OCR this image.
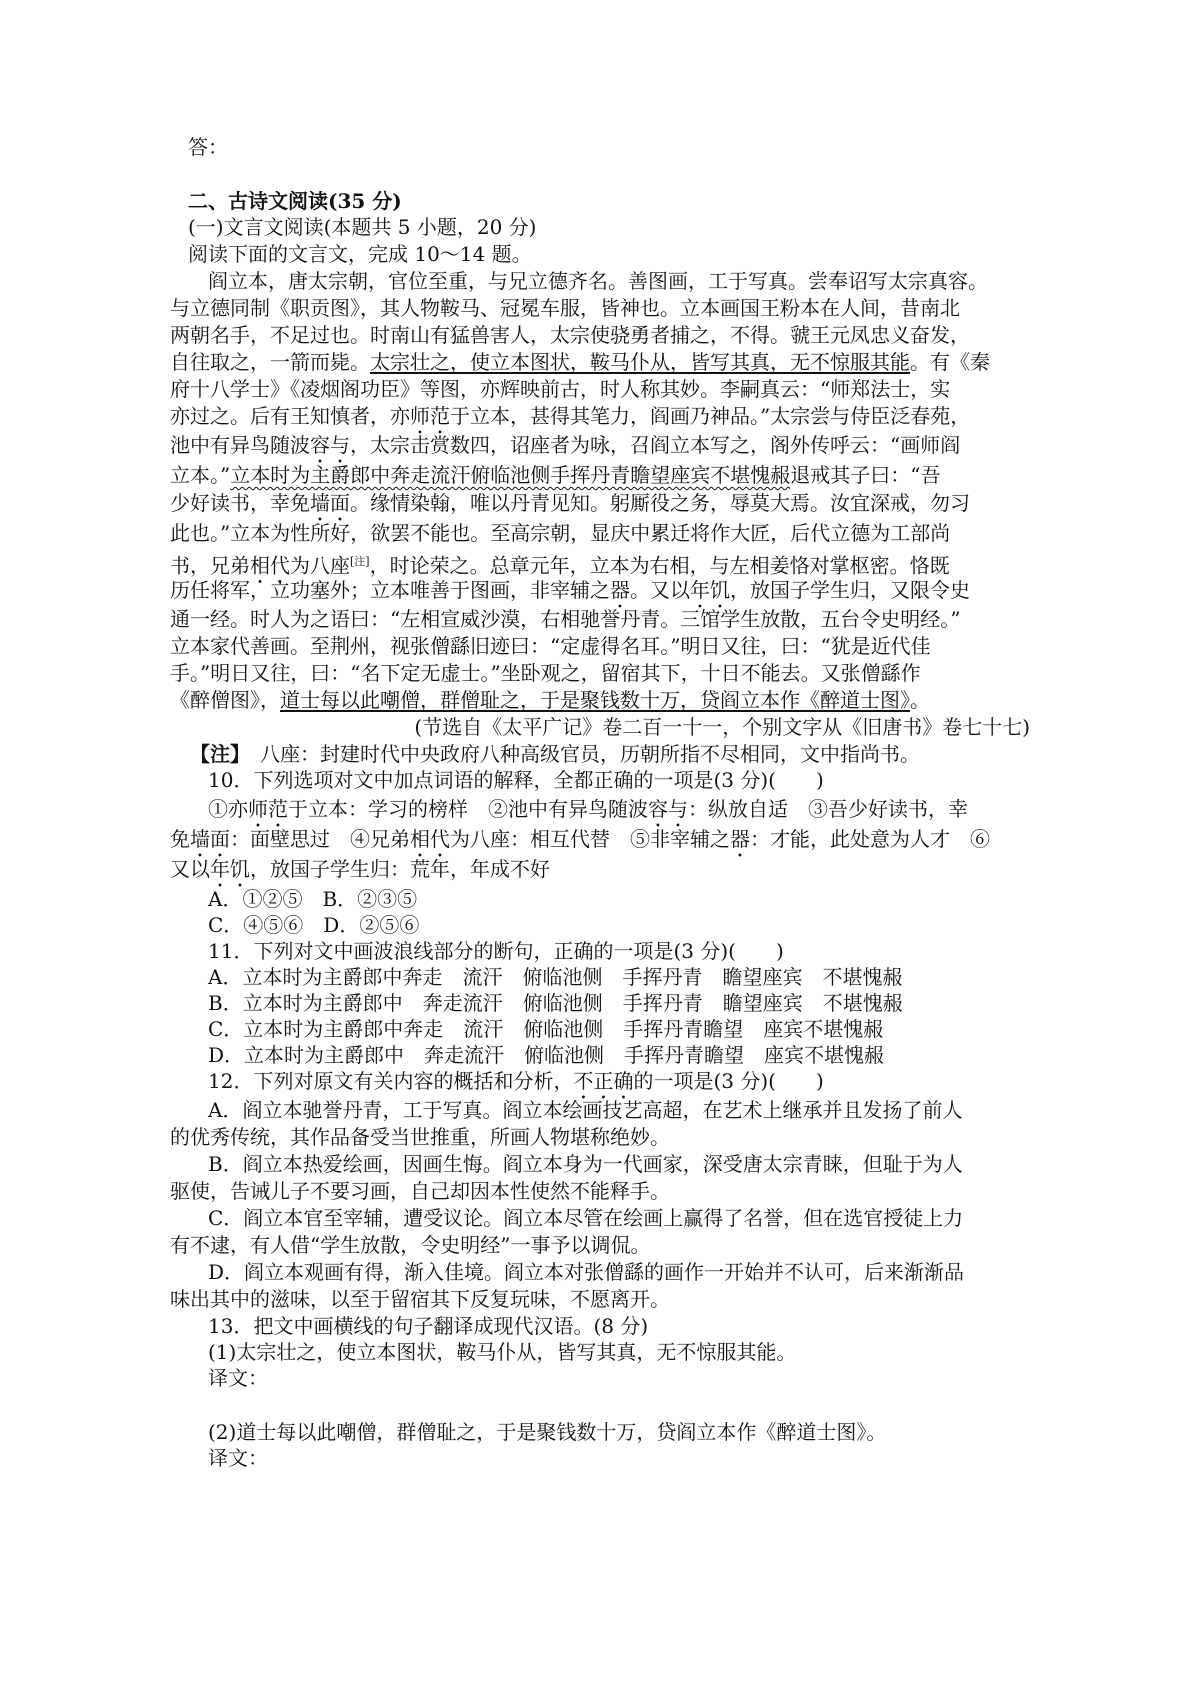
答：
二、古诗文阅读(35 分)
(一)文言文阅读(本题共 5 小题，20 分)
阅读下面的文言文，完成 10～14 题。
阎立本，唐太宗朝，官位至重，与兄立德齐名。善图画，工于写真。尝奉诏写太宗真容。
与立德同制《职贡图》，其人物鞍马、冠冕车服，皆神也。立本画国王粉本在人间，昔南北
两朝名手，不足过也。时南山有猛兽害人，太宗使骁勇者捕之，不得。虢王元凤忠义奋发，
自往取之，一箭而毙。太宗壮之，使立本图状，鞍马仆从，皆写其真，无不惊服其能。有《秦
府十八学士》《凌烟阁功臣》等图，亦辉映前古，时人称其妙。李嗣真云：“师郑法士，实
亦过之。后有王知慎者，亦师范于立本，甚得其笔力，阎画乃神品。”太宗尝与侍臣泛春苑，
池中有异鸟随波容与，太宗击赏数四，诏座者为咏，召阎立本写之，阁外传呼云：“画师阎
立本。”立本时为主爵郎中奔走流汗俯临池侧手挥丹青瞻望座宾不堪愧赧退戒其子曰：“吾
少好读书，幸免墙面。缘情染翰，唯以丹青见知。躬厮役之务，辱莫大焉。汝宜深戒，勿习
此也。”立本为性所好，欲罢不能也。至高宗朝，显庆中累迁将作大匠，后代立德为工部尚
书，兄弟相代为八座[注]，时论荣之。总章元年，立本为右相，与左相姜恪对掌枢密。恪既
历任将军，立功塞外；立本唯善于图画，非宰辅之器。又以年饥，放国子学生归，又限令史
通一经。时人为之语曰：“左相宣威沙漠，右相驰誉丹青。三馆学生放散，五台令史明经。”
立本家代善画。至荆州，视张僧繇旧迹曰：“定虚得名耳。”明日又往，曰：“犹是近代佳
手。”明日又往，曰：“名下定无虚士。”坐卧观之，留宿其下，十日不能去。又张僧繇作
《醉僧图》，道士每以此嘲僧，群僧耻之，于是聚钱数十万，贷阎立本作《醉道士图》。
(节选自《太平广记》卷二百一十一，个别文字从《旧唐书》卷七十七)
【注】　 八座：封建时代中央政府八种高级官员，历朝所指不尽相同，文中指尚书。
10．下列选项对文中加点词语的解释，全都正确的一项是(3 分)(　　)
①亦师范于立本：学习的榜样　②池中有异鸟随波容与：纵放自适　③吾少好读书，幸
免墙面：面壁思过　④兄弟相代为八座：相互代替　⑤非宰辅之器：才能，此处意为人才　⑥
又以年饥，放国子学生归：荒年，年成不好
A．①②⑤　B．②③⑤
C．④⑤⑥　D．②⑤⑥
11．下列对文中画波浪线部分的断句，正确的一项是(3 分)(　　)
A．立本时为主爵郎中奔走　流汗　俯临池侧　手挥丹青　瞻望座宾　不堪愧赧
B．立本时为主爵郎中　奔走流汗　俯临池侧　手挥丹青　瞻望座宾　不堪愧赧
C．立本时为主爵郎中奔走　流汗　俯临池侧　手挥丹青瞻望　座宾不堪愧赧
D．立本时为主爵郎中　奔走流汗　俯临池侧　手挥丹青瞻望　座宾不堪愧赧
12．下列对原文有关内容的概括和分析，不正确的一项是(3 分)(　　)
A．阎立本驰誉丹青，工于写真。阎立本绘画技艺高超，在艺术上继承并且发扬了前人
的优秀传统，其作品备受当世推重，所画人物堪称绝妙。
B．阎立本热爱绘画，因画生悔。阎立本身为一代画家，深受唐太宗青睐，但耻于为人
驱使，告诫儿子不要习画，自己却因本性使然不能释手。
C．阎立本官至宰辅，遭受议论。阎立本尽管在绘画上赢得了名誉，但在选官授徒上力
有不逮，有人借“学生放散，令史明经”一事予以调侃。
D．阎立本观画有得，渐入佳境。阎立本对张僧繇的画作一开始并不认可，后来渐渐品
味出其中的滋味，以至于留宿其下反复玩味，不愿离开。
13．把文中画横线的句子翻译成现代汉语。(8 分)
(1)太宗壮之，使立本图状，鞍马仆从，皆写其真，无不惊服其能。
译文：
(2)道士每以此嘲僧，群僧耻之，于是聚钱数十万，贷阎立本作《醉道士图》。
译文：
